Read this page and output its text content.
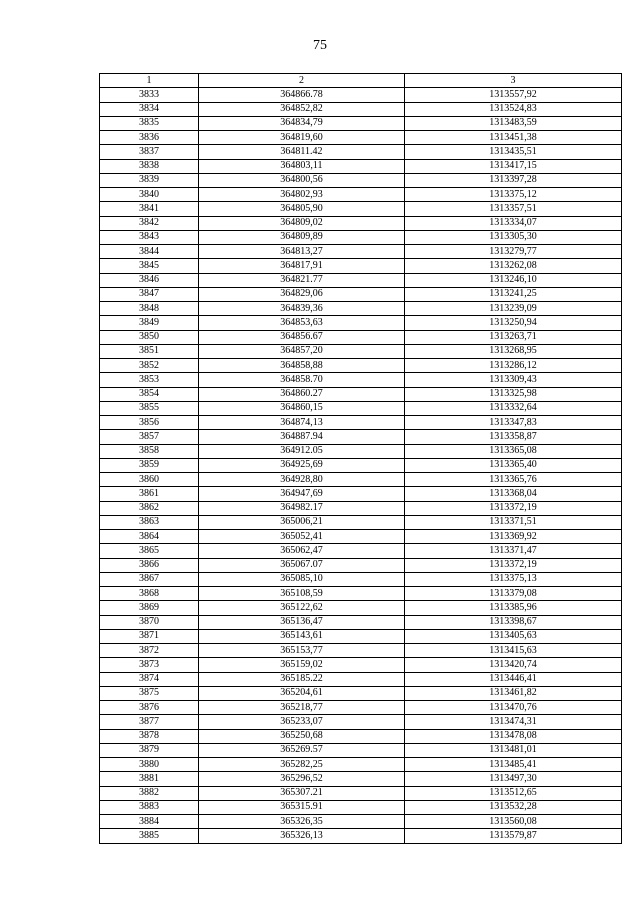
75
1	2	3
3833	364866.78	1313557,92
3834	364852,82	1313524,83
3835	364834,79	1313483,59
3836	364819,60	1313451,38
3837	364811.42	1313435,51
3838	364803,11	1313417,15
3839	364800,56	1313397,28
3840	364802,93	1313375,12
3841	364805,90	1313357,51
3842	364809,02	1313334,07
3843	364809,89	1313305,30
3844	364813,27	1313279,77
3845	364817,91	1313262,08
3846	364821.77	1313246,10
3847	364829,06	1313241,25
3848	364839,36	1313239,09
3849	364853,63	1313250,94
3850	364856.67	1313263,71
3851	364857,20	1313268,95
3852	364858,88	1313286,12
3853	364858.70	1313309,43
3854	364860.27	1313325,98
3855	364860,15	1313332,64
3856	364874,13	1313347,83
3857	364887.94	1313358,87
3858	364912.05	1313365,08
3859	364925,69	1313365,40
3860	364928,80	1313365,76
3861	364947,69	1313368,04
3862	364982.17	1313372,19
3863	365006,21	1313371,51
3864	365052,41	1313369,92
3865	365062,47	1313371,47
3866	365067.07	1313372,19
3867	365085,10	1313375,13
3868	365108,59	1313379,08
3869	365122,62	1313385,96
3870	365136,47	1313398,67
3871	365143,61	1313405,63
3872	365153,77	1313415,63
3873	365159,02	1313420,74
3874	365185.22	1313446,41
3875	365204,61	1313461,82
3876	365218,77	1313470,76
3877	365233,07	1313474,31
3878	365250,68	1313478,08
3879	365269.57	1313481,01
3880	365282,25	1313485,41
3881	365296,52	1313497,30
3882	365307.21	1313512,65
3883	365315.91	1313532,28
3884	365326,35	1313560,08
3885	365326,13	1313579,87
